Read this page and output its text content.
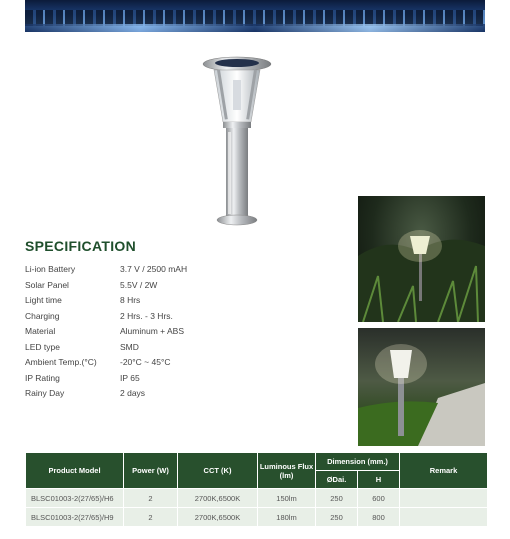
SPECIFICATION
Li-ion Battery	3.7 V / 2500 mAH
Solar Panel	5.5V / 2W
Light time	8 Hrs
Charging	2 Hrs. - 3 Hrs.
Material	Aluminum + ABS
LED type	SMD
Ambient Temp.(°C)	-20°C ~ 45°C
IP Rating	IP 65
Rainy Day	2 days
Product Model	Power (W)	CCT (K)	Luminous Flux (lm)	Dimension (mm.)		Remark
				ØDai.	H	
BLSC01003-2(27/65)/H6	2	2700K,6500K	150lm	250	600	
BLSC01003-2(27/65)/H9	2	2700K,6500K	180lm	250	800	
